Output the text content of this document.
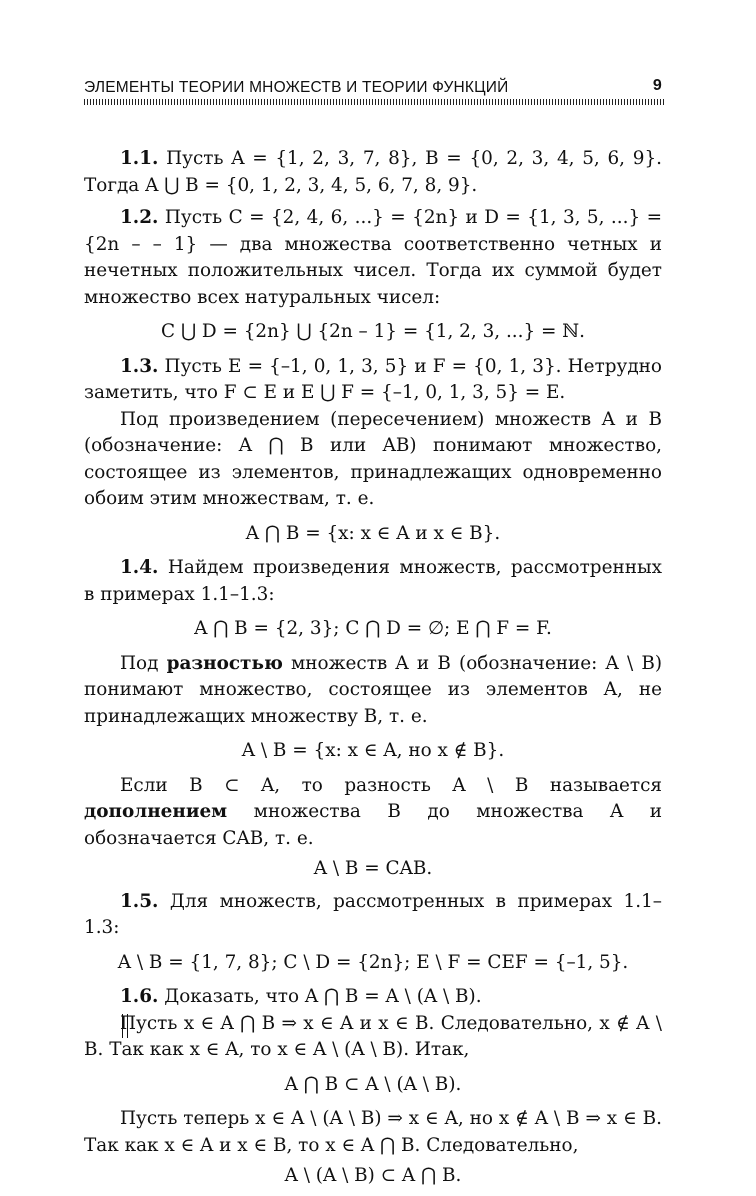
ЭЛЕМЕНТЫ ТЕОРИИ МНОЖЕСТВ И ТЕОРИИ ФУНКЦИЙ	9

1.1. Пусть A = {1, 2, 3, 7, 8}, B = {0, 2, 3, 4, 5, 6, 9}. Тогда A ⋃ B = {0, 1, 2, 3, 4, 5, 6, 7, 8, 9}.

1.2. Пусть C = {2, 4, 6, ...} = {2n} и D = {1, 3, 5, ...} = {2n – – 1} — два множества соответственно четных и нечетных положительных чисел. Тогда их суммой будет множество всех натуральных чисел:

C ⋃ D = {2n} ⋃ {2n – 1} = {1, 2, 3, ...} = ℕ.

1.3. Пусть E = {–1, 0, 1, 3, 5} и F = {0, 1, 3}. Нетрудно заметить, что F ⊂ E и E ⋃ F = {–1, 0, 1, 3, 5} = E.

Под произведением (пересечением) множеств A и B (обозначение: A ⋂ B или AB) понимают множество, состоящее из элементов, принадлежащих одновременно обоим этим множествам, т. е.

A ⋂ B = {x: x ∈ A и x ∈ B}.

1.4. Найдем произведения множеств, рассмотренных в примерах 1.1–1.3:

A ⋂ B = {2, 3}; C ⋂ D = ∅; E ⋂ F = F.

Под разностью множеств A и B (обозначение: A \ B) понимают множество, состоящее из элементов A, не принадлежащих множеству B, т. е.

A \ B = {x: x ∈ A, но x ∉ B}.

Если B ⊂ A, то разность A \ B называется дополнением множества B до множества A и обозначается CAB, т. е.

A \ B = CAB.

1.5. Для множеств, рассмотренных в примерах 1.1–1.3:

A \ B = {1, 7, 8}; C \ D = {2n}; E \ F = CEF = {–1, 5}.

1.6. Доказать, что A ⋂ B = A \ (A \ B).

Пусть x ∈ A ⋂ B ⇒ x ∈ A и x ∈ B. Следовательно, x ∉ A \ B. Так как x ∈ A, то x ∈ A \ (A \ B). Итак,

A ⋂ B ⊂ A \ (A \ B).

Пусть теперь x ∈ A \ (A \ B) ⇒ x ∈ A, но x ∉ A \ B ⇒ x ∈ B. Так как x ∈ A и x ∈ B, то x ∈ A ⋂ B. Следовательно,

A \ (A \ B) ⊂ A ⋂ B.
